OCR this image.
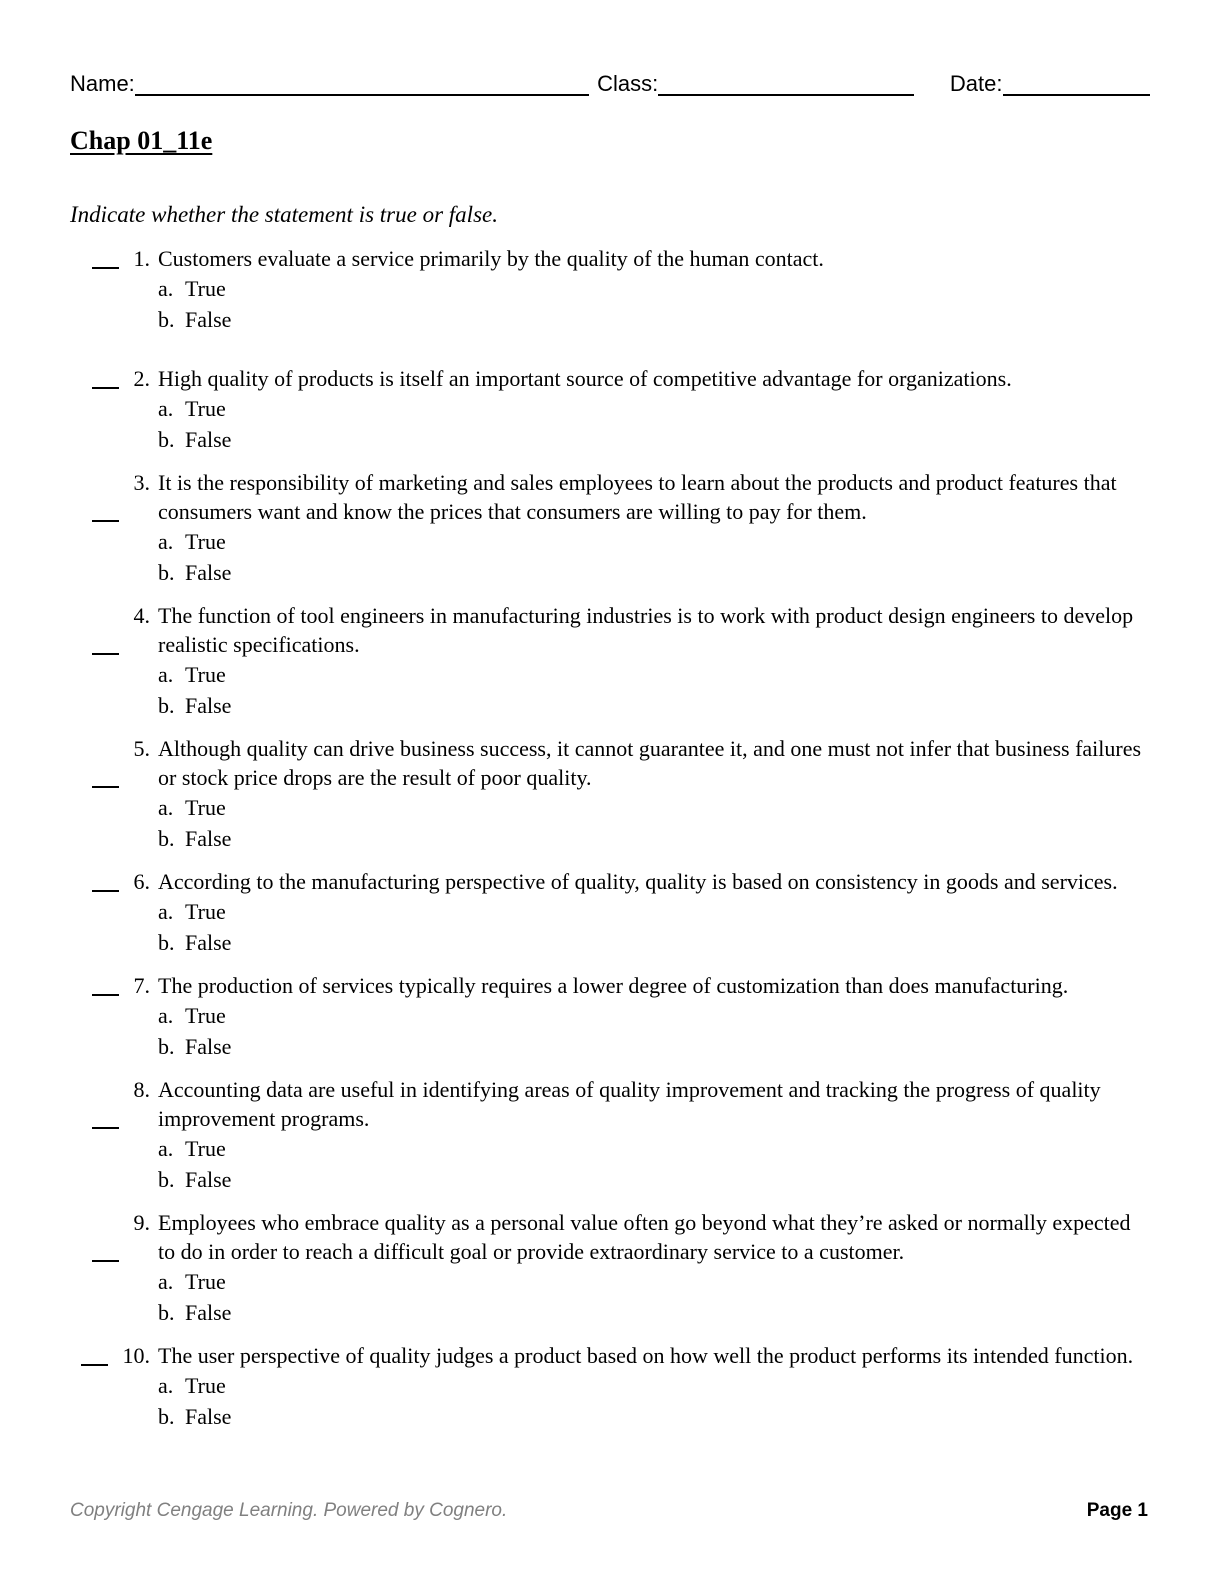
Name:	Class:	Date:
Chap 01_11e
Indicate whether the statement is true or false.
1. Customers evaluate a service primarily by the quality of the human contact.
a. True
b. False
2. High quality of products is itself an important source of competitive advantage for organizations.
a. True
b. False
3. It is the responsibility of marketing and sales employees to learn about the products and product features that consumers want and know the prices that consumers are willing to pay for them.
a. True
b. False
4. The function of tool engineers in manufacturing industries is to work with product design engineers to develop realistic specifications.
a. True
b. False
5. Although quality can drive business success, it cannot guarantee it, and one must not infer that business failures or stock price drops are the result of poor quality.
a. True
b. False
6. According to the manufacturing perspective of quality, quality is based on consistency in goods and services.
a. True
b. False
7. The production of services typically requires a lower degree of customization than does manufacturing.
a. True
b. False
8. Accounting data are useful in identifying areas of quality improvement and tracking the progress of quality improvement programs.
a. True
b. False
9. Employees who embrace quality as a personal value often go beyond what they’re asked or normally expected to do in order to reach a difficult goal or provide extraordinary service to a customer.
a. True
b. False
10. The user perspective of quality judges a product based on how well the product performs its intended function.
a. True
b. False
Copyright Cengage Learning. Powered by Cognero.	Page 1
